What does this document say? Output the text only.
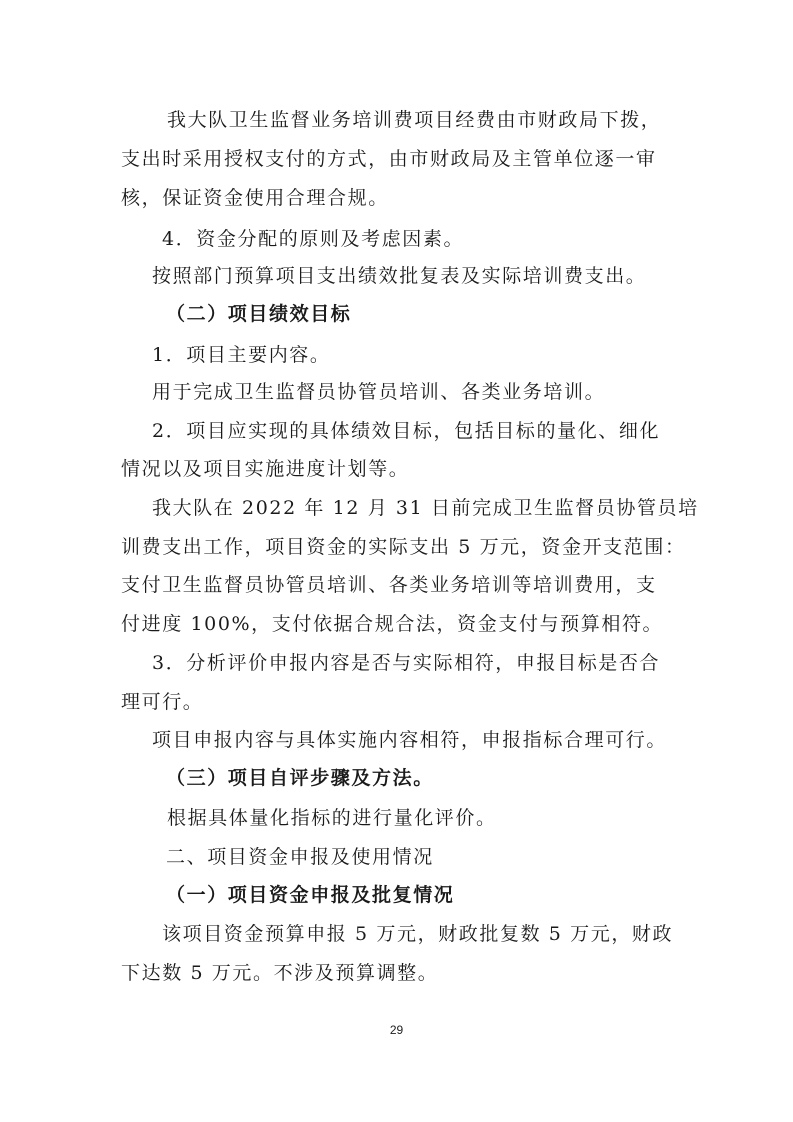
我大队卫生监督业务培训费项目经费由市财政局下拨，
支出时采用授权支付的方式，由市财政局及主管单位逐一审
核，保证资金使用合理合规。
4．资金分配的原则及考虑因素。
按照部门预算项目支出绩效批复表及实际培训费支出。
（二）项目绩效目标
1．项目主要内容。
用于完成卫生监督员协管员培训、各类业务培训。
2．项目应实现的具体绩效目标，包括目标的量化、细化
情况以及项目实施进度计划等。
我大队在 2022 年 12 月 31 日前完成卫生监督员协管员培
训费支出工作，项目资金的实际支出 5 万元，资金开支范围：
支付卫生监督员协管员培训、各类业务培训等培训费用，支
付进度 100%，支付依据合规合法，资金支付与预算相符。
3．分析评价申报内容是否与实际相符，申报目标是否合
理可行。
项目申报内容与具体实施内容相符，申报指标合理可行。
（三）项目自评步骤及方法。
根据具体量化指标的进行量化评价。
二、项目资金申报及使用情况
（一）项目资金申报及批复情况
该项目资金预算申报 5 万元，财政批复数 5 万元，财政
下达数 5 万元。不涉及预算调整。
29
